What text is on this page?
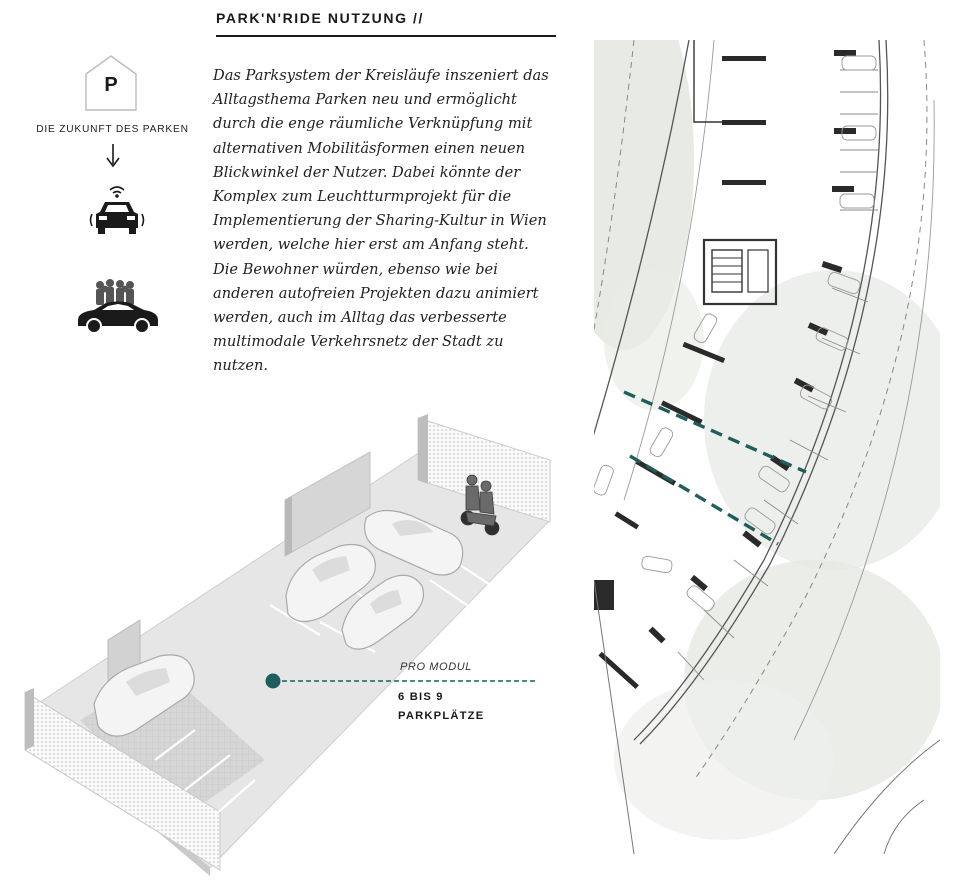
PARK'N'RIDE NUTZUNG //

Das Parksystem der Kreisläufe inszeniert das Alltagsthema Parken neu und ermöglicht durch die enge räumliche Verknüpfung mit alternativen Mobilitäsformen einen neuen Blickwinkel der Nutzer. Dabei könnte der Komplex zum Leuchtturmprojekt für die Implementierung der Sharing-Kultur in Wien werden, welche hier erst am Anfang steht. Die Bewohner würden, ebenso wie bei anderen autofreien Projekten dazu animiert werden, auch im Alltag das verbesserte multimodale Verkehrsnetz der Stadt zu nutzen.

P
DIE ZUKUNFT DES PARKEN
PRO MODUL
6 BIS 9 PARKPLÄTZE
